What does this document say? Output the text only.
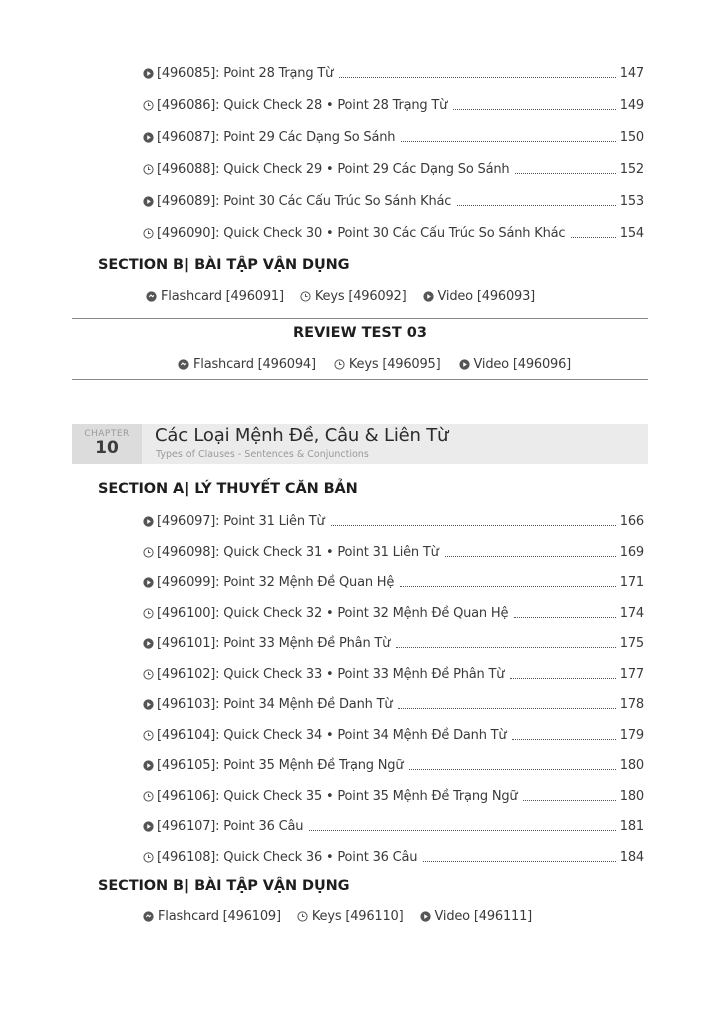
[496085]: Point 28 Trạng Từ	147
[496086]: Quick Check 28 • Point 28 Trạng Từ	149
[496087]: Point 29 Các Dạng So Sánh	150
[496088]: Quick Check 29 • Point 29 Các Dạng So Sánh	152
[496089]: Point 30 Các Cấu Trúc So Sánh Khác	153
[496090]: Quick Check 30 • Point 30 Các Cấu Trúc So Sánh Khác	154
SECTION B| BÀI TẬP VẬN DỤNG
Flashcard [496091] Keys [496092] Video [496093]
REVIEW TEST 03
Flashcard [496094]	Keys [496095]	Video [496096]
CHAPTER
10
Các Loại Mệnh Đề, Câu & Liên Từ
Types of Clauses - Sentences & Conjunctions
SECTION A| LÝ THUYẾT CĂN BẢN
[496097]: Point 31 Liên Từ	166
[496098]: Quick Check 31 • Point 31 Liên Từ	169
[496099]: Point 32 Mệnh Đề Quan Hệ	171
[496100]: Quick Check 32 • Point 32 Mệnh Đề Quan Hệ	174
[496101]: Point 33 Mệnh Đề Phân Từ	175
[496102]: Quick Check 33 • Point 33 Mệnh Đề Phân Từ	177
[496103]: Point 34 Mệnh Đề Danh Từ	178
[496104]: Quick Check 34 • Point 34 Mệnh Đề Danh Từ	179
[496105]: Point 35 Mệnh Đề Trạng Ngữ	180
[496106]: Quick Check 35 • Point 35 Mệnh Đề Trạng Ngữ	180
[496107]: Point 36 Câu	181
[496108]: Quick Check 36 • Point 36 Câu	184
SECTION B| BÀI TẬP VẬN DỤNG
Flashcard [496109] Keys [496110] Video [496111]
